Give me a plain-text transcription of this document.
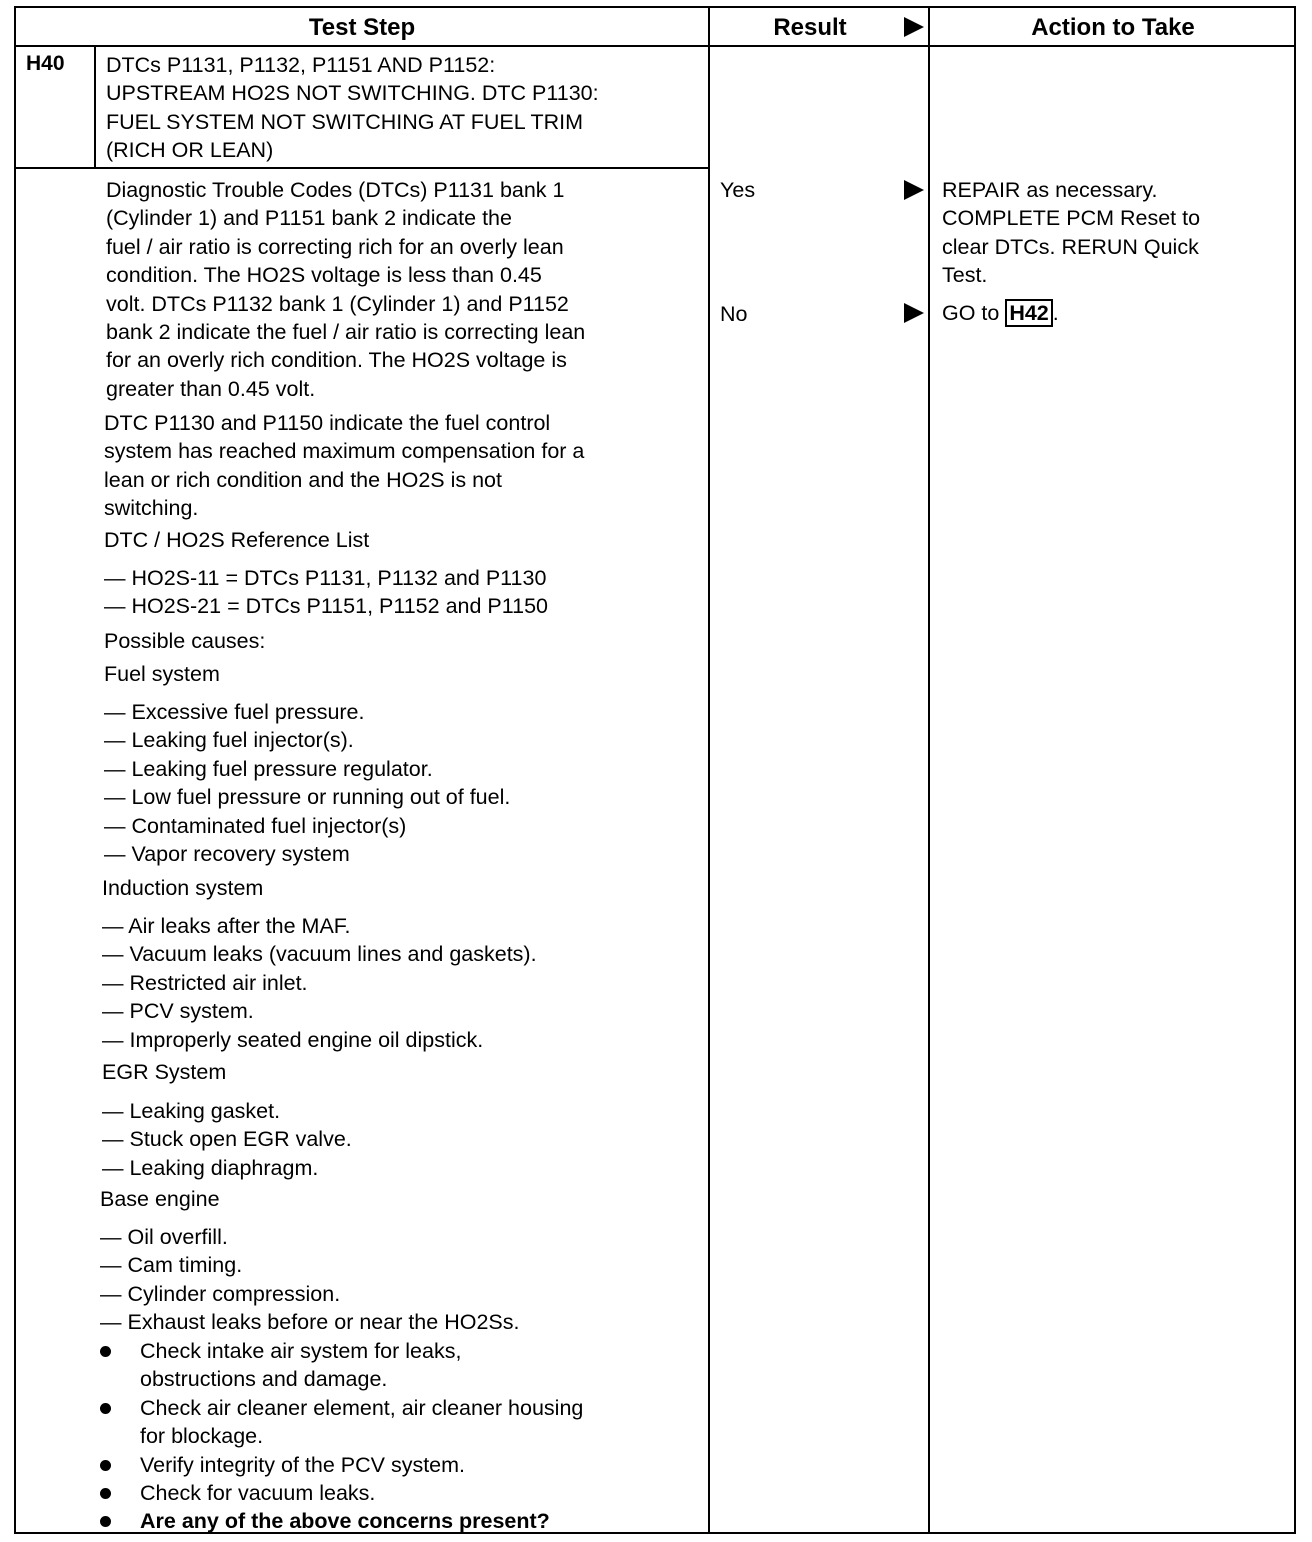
Test Step	Result	Action to Take
H40 DTCs P1131, P1132, P1151 AND P1152:
UPSTREAM HO2S NOT SWITCHING. DTC P1130:
FUEL SYSTEM NOT SWITCHING AT FUEL TRIM
(RICH OR LEAN)
Diagnostic Trouble Codes (DTCs) P1131 bank 1
(Cylinder 1) and P1151 bank 2 indicate the
fuel / air ratio is correcting rich for an overly lean
condition. The HO2S voltage is less than 0.45
volt. DTCs P1132 bank 1 (Cylinder 1) and P1152
bank 2 indicate the fuel / air ratio is correcting lean
for an overly rich condition. The HO2S voltage is
greater than 0.45 volt.
DTC P1130 and P1150 indicate the fuel control
system has reached maximum compensation for a
lean or rich condition and the HO2S is not
switching.
DTC / HO2S Reference List
— HO2S-11 = DTCs P1131, P1132 and P1130
— HO2S-21 = DTCs P1151, P1152 and P1150
Possible causes:
Fuel system
— Excessive fuel pressure.
— Leaking fuel injector(s).
— Leaking fuel pressure regulator.
— Low fuel pressure or running out of fuel.
— Contaminated fuel injector(s)
— Vapor recovery system
Induction system
— Air leaks after the MAF.
— Vacuum leaks (vacuum lines and gaskets).
— Restricted air inlet.
— PCV system.
— Improperly seated engine oil dipstick.
EGR System
— Leaking gasket.
— Stuck open EGR valve.
— Leaking diaphragm.
Base engine
— Oil overfill.
— Cam timing.
— Cylinder compression.
— Exhaust leaks before or near the HO2Ss.
Check intake air system for leaks,
obstructions and damage.
Check air cleaner element, air cleaner housing
for blockage.
Verify integrity of the PCV system.
Check for vacuum leaks.
Are any of the above concerns present?
Yes
No
REPAIR as necessary.
COMPLETE PCM Reset to
clear DTCs. RERUN Quick
Test.
GO to H42 .
